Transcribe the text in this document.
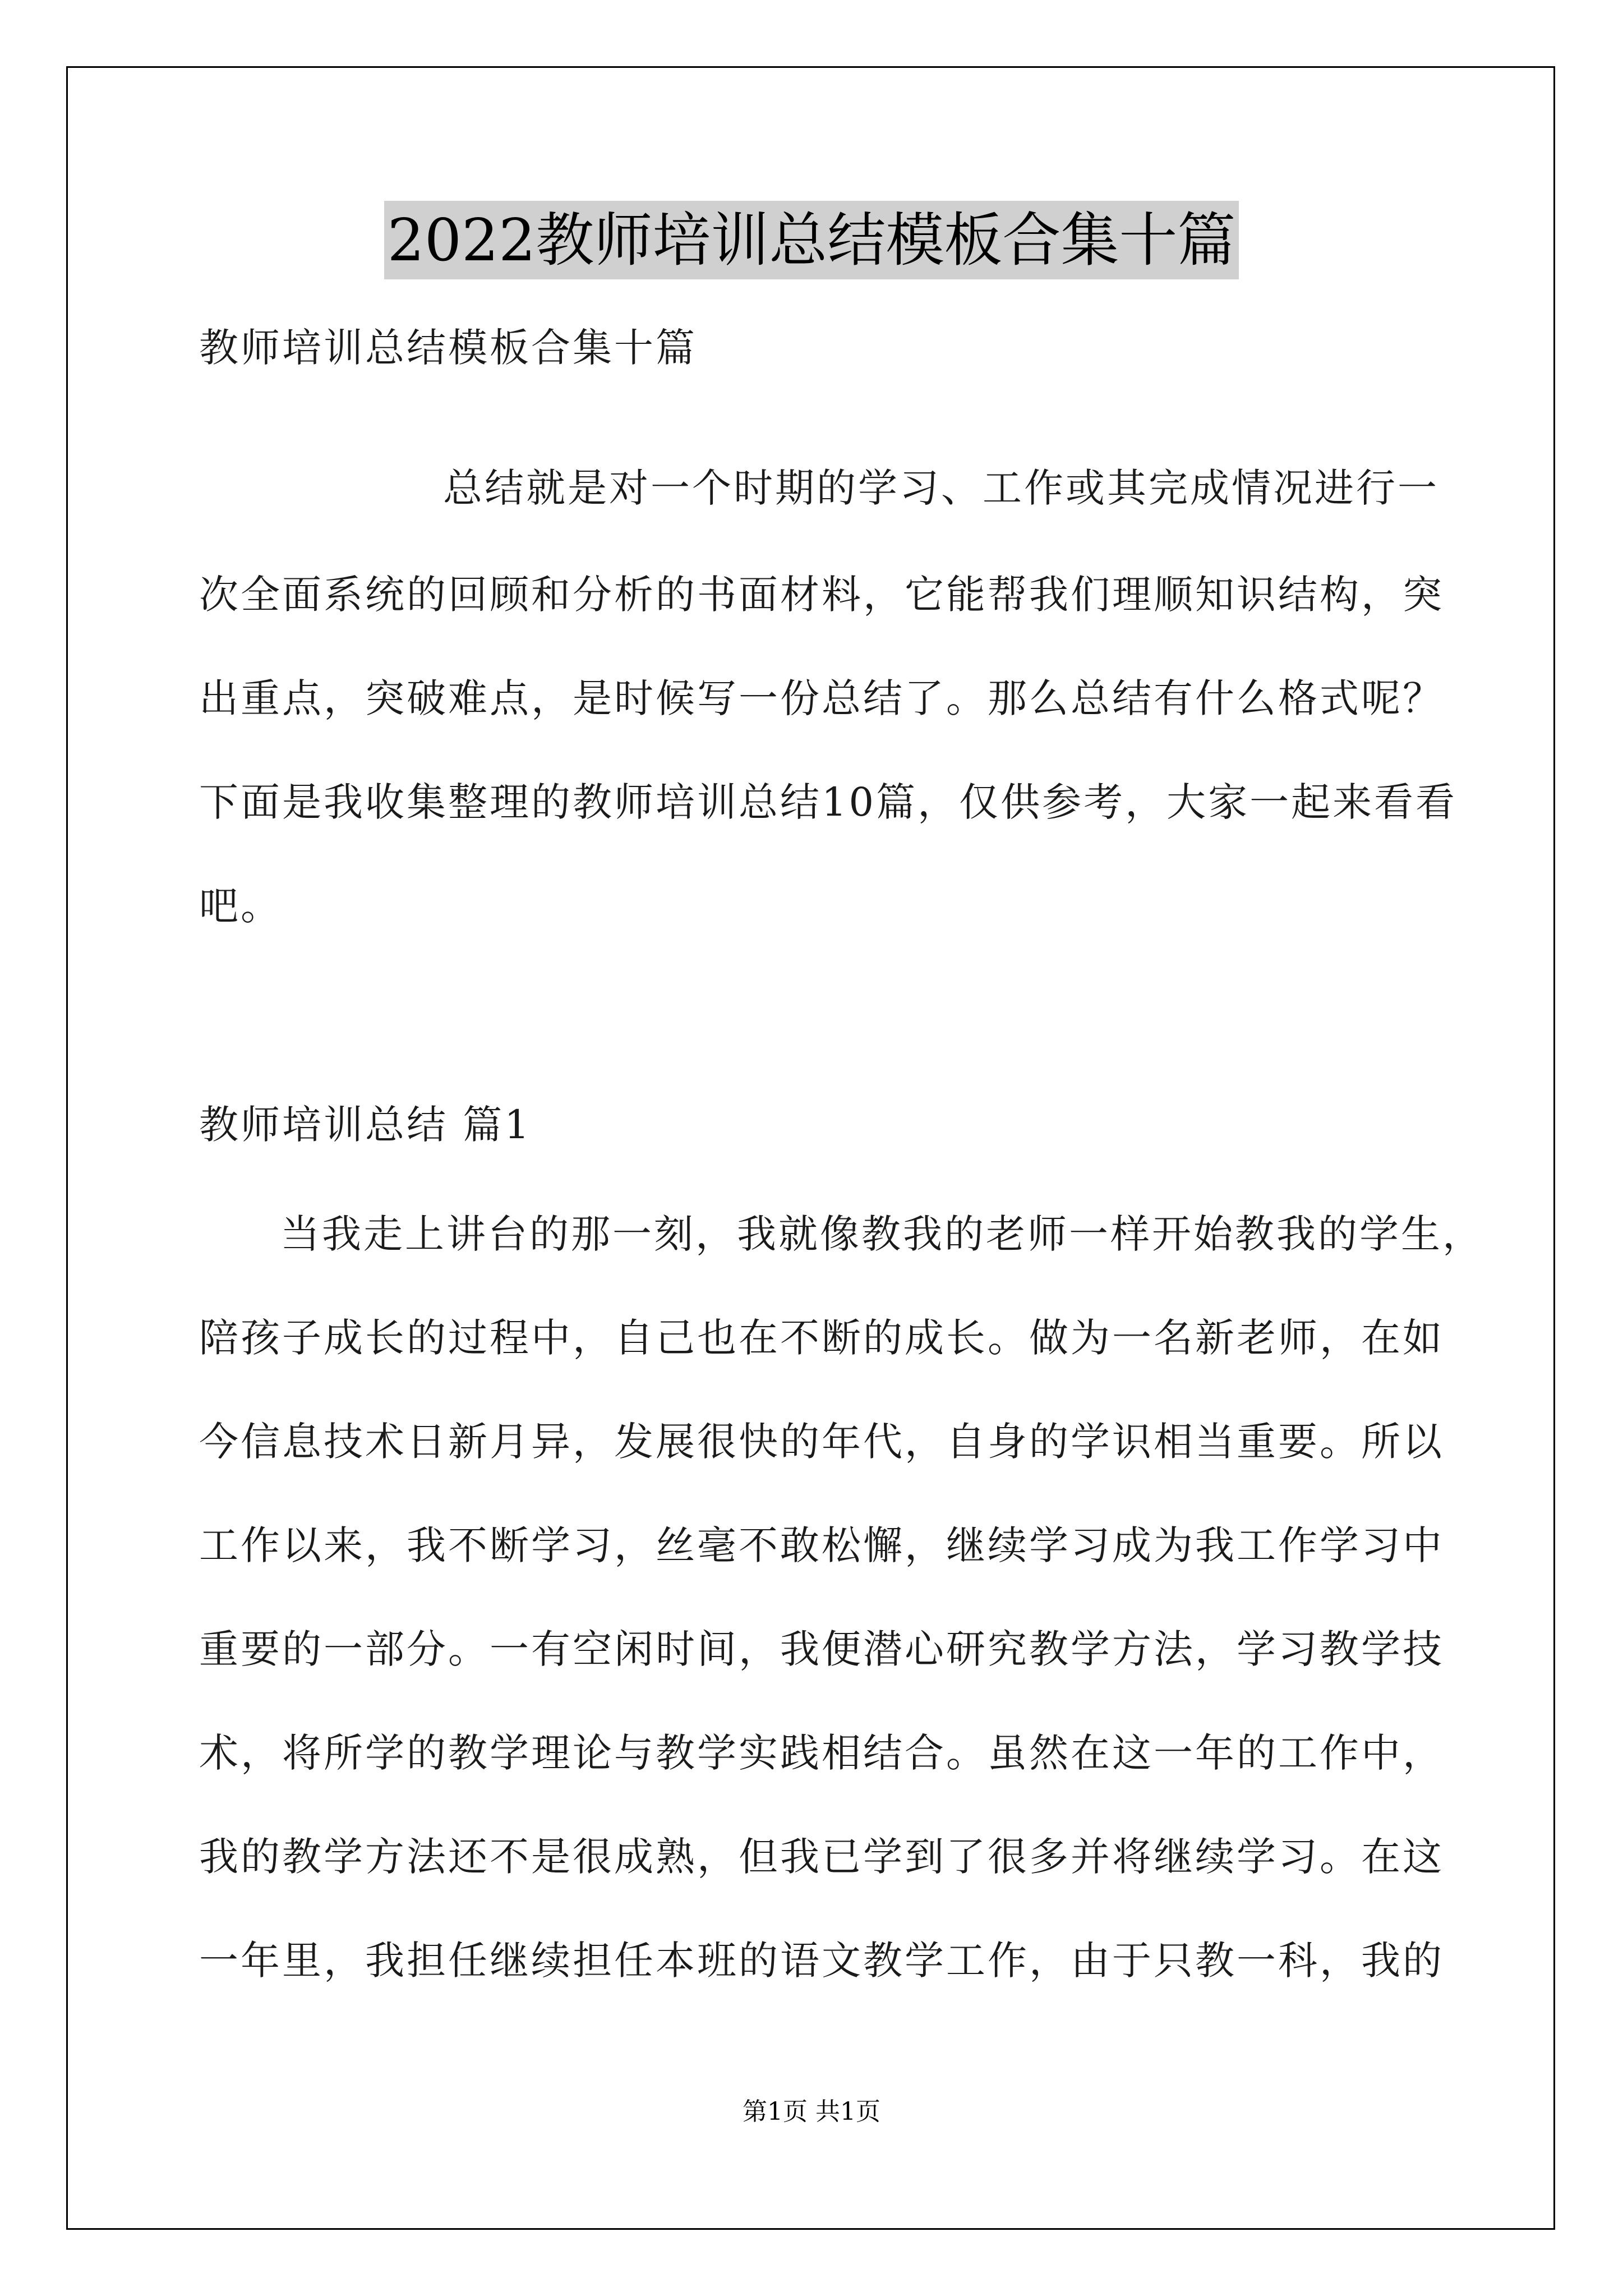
2022教师培训总结模板合集十篇
教师培训总结模板合集十篇
总结就是对一个时期的学习、工作或其完成情况进行一
次全面系统的回顾和分析的书面材料，它能帮我们理顺知识结构，突
出重点，突破难点，是时候写一份总结了。那么总结有什么格式呢？
下面是我收集整理的教师培训总结10篇，仅供参考，大家一起来看看
吧。
教师培训总结 篇1
当我走上讲台的那一刻，我就像教我的老师一样开始教我的学生，
陪孩子成长的过程中，自己也在不断的成长。做为一名新老师，在如
今信息技术日新月异，发展很快的年代，自身的学识相当重要。所以
工作以来，我不断学习，丝毫不敢松懈，继续学习成为我工作学习中
重要的一部分。一有空闲时间，我便潜心研究教学方法，学习教学技
术，将所学的教学理论与教学实践相结合。虽然在这一年的工作中，
我的教学方法还不是很成熟，但我已学到了很多并将继续学习。在这
一年里，我担任继续担任本班的语文教学工作，由于只教一科，我的
第1页 共1页
